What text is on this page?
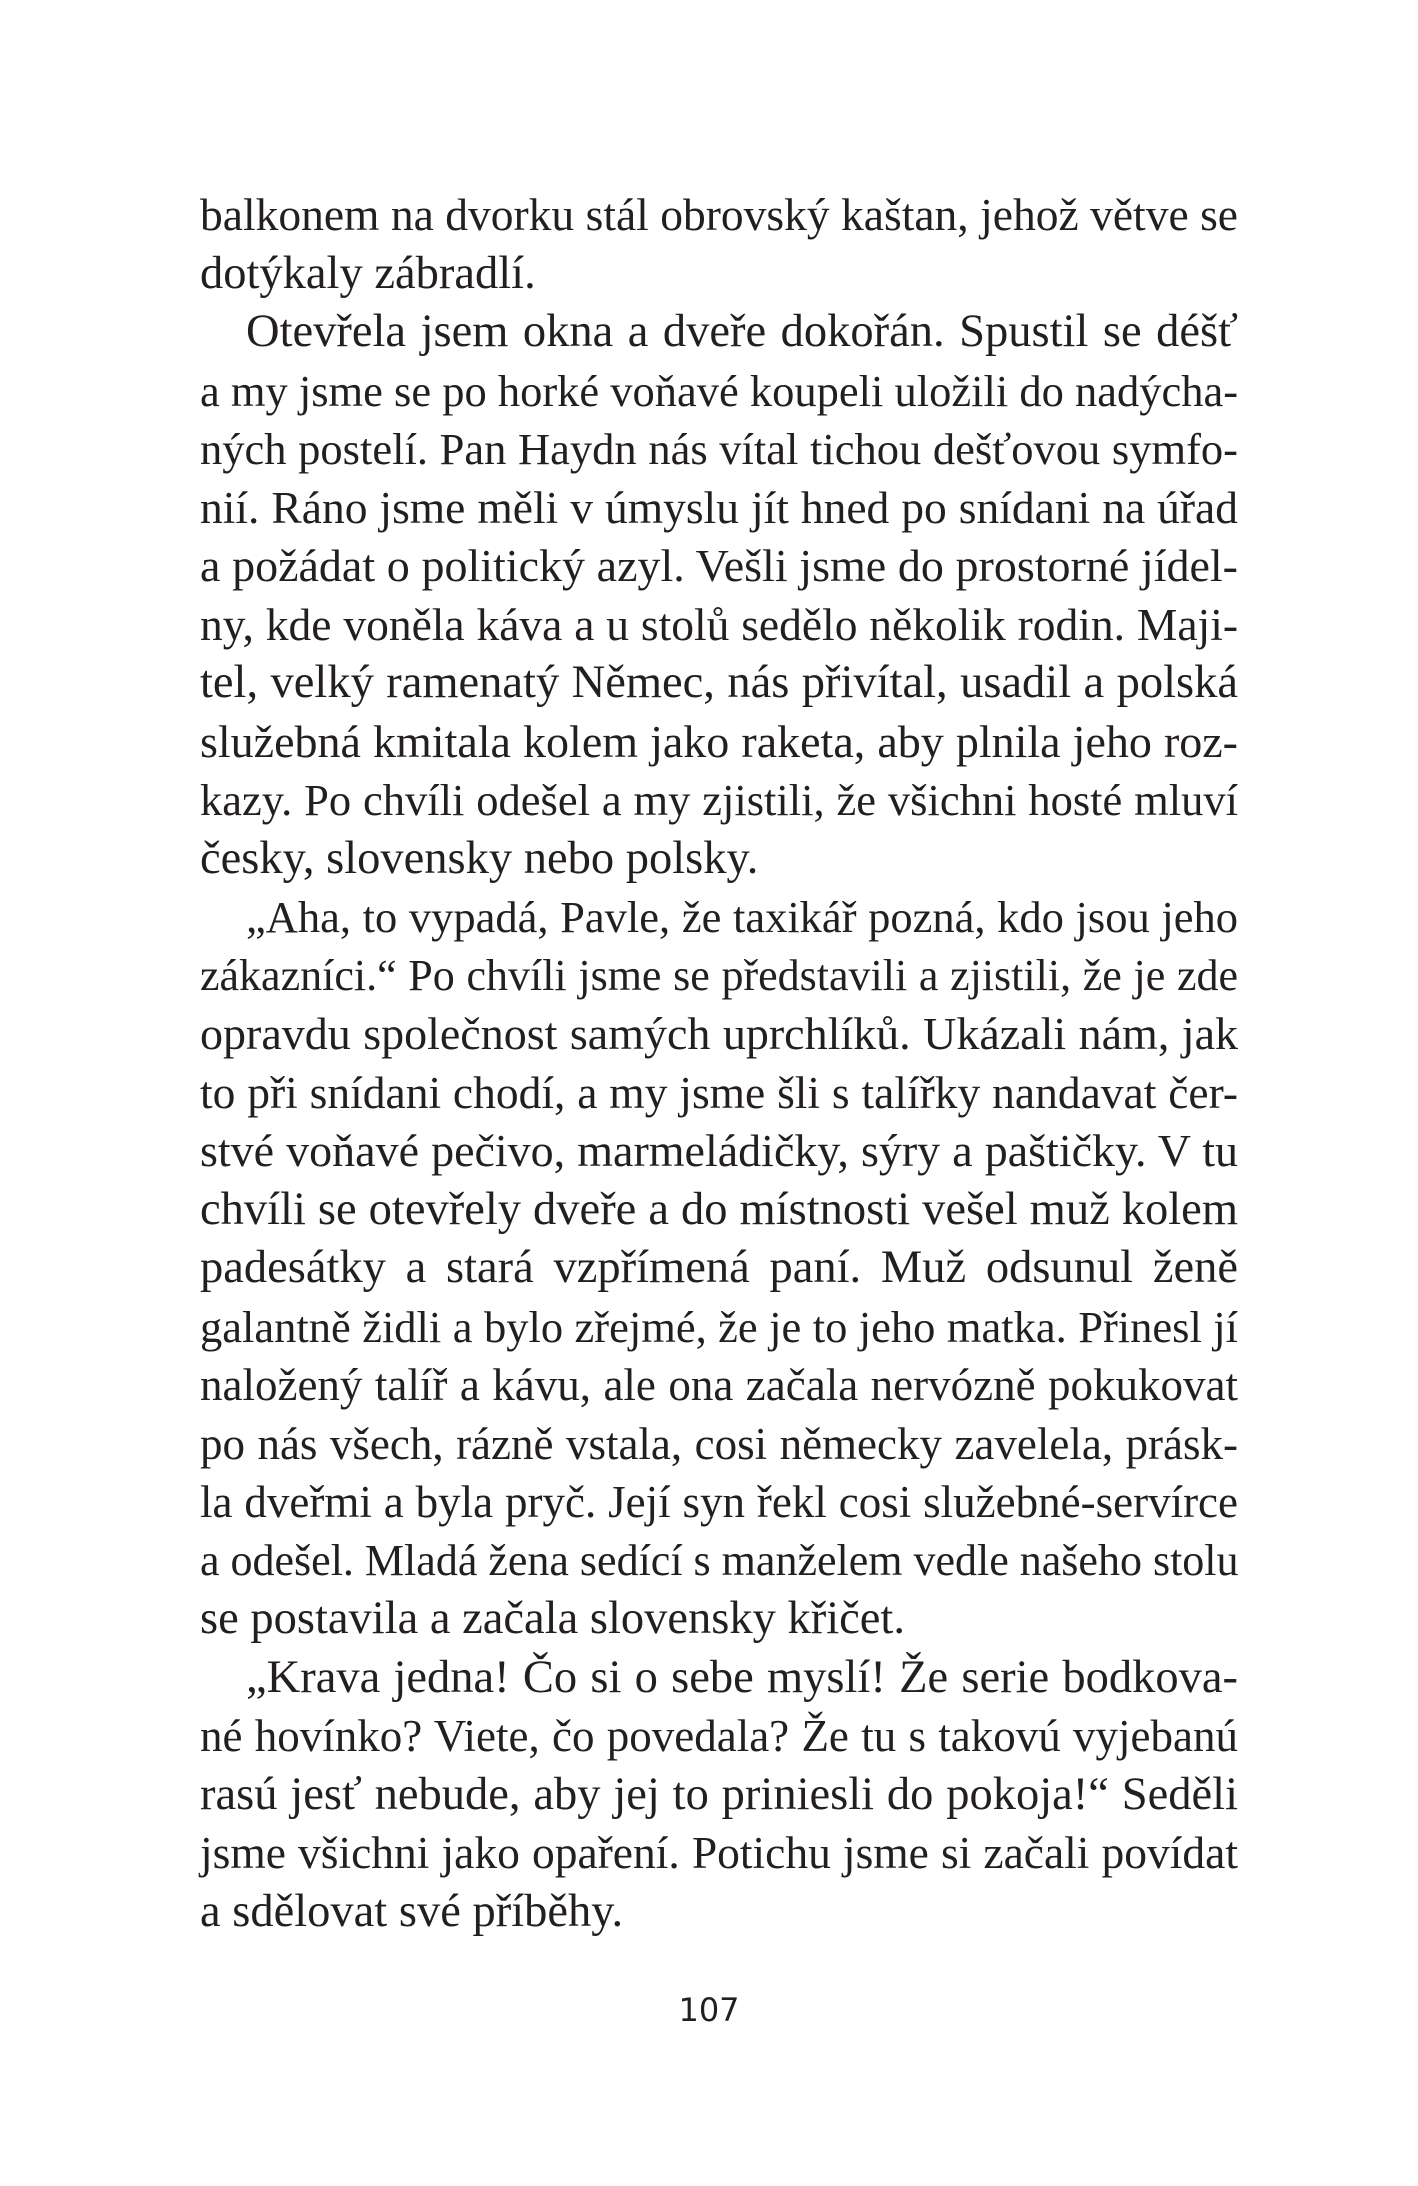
balkonem na dvorku stál obrovský kaštan, jehož větve se
dotýkaly zábradlí.
Otevřela jsem okna a dveře dokořán. Spustil se déšť
a my jsme se po horké voňavé koupeli uložili do nadýcha-
ných postelí. Pan Haydn nás vítal tichou dešťovou symfo-
nií. Ráno jsme měli v úmyslu jít hned po snídani na úřad
a požádat o politický azyl. Vešli jsme do prostorné jídel-
ny, kde voněla káva a u stolů sedělo několik rodin. Maji-
tel, velký ramenatý Němec, nás přivítal, usadil a polská
služebná kmitala kolem jako raketa, aby plnila jeho roz-
kazy. Po chvíli odešel a my zjistili, že všichni hosté mluví
česky, slovensky nebo polsky.
„Aha, to vypadá, Pavle, že taxikář pozná, kdo jsou jeho
zákazníci.“ Po chvíli jsme se představili a zjistili, že je zde
opravdu společnost samých uprchlíků. Ukázali nám, jak
to při snídani chodí, a my jsme šli s talířky nandavat čer-
stvé voňavé pečivo, marmeládičky, sýry a paštičky. V tu
chvíli se otevřely dveře a do místnosti vešel muž kolem
padesátky a stará vzpřímená paní. Muž odsunul ženě
galantně židli a bylo zřejmé, že je to jeho matka. Přinesl jí
naložený talíř a kávu, ale ona začala nervózně pokukovat
po nás všech, rázně vstala, cosi německy zavelela, prásk-
la dveřmi a byla pryč. Její syn řekl cosi služebné-servírce
a odešel. Mladá žena sedící s manželem vedle našeho stolu
se postavila a začala slovensky křičet.
„Krava jedna! Čo si o sebe myslí! Že serie bodkova-
né hovínko? Viete, čo povedala? Že tu s takovú vyjebanú
rasú jesť nebude, aby jej to priniesli do pokoja!“ Seděli
jsme všichni jako opaření. Potichu jsme si začali povídat
a sdělovat své příběhy.
107
